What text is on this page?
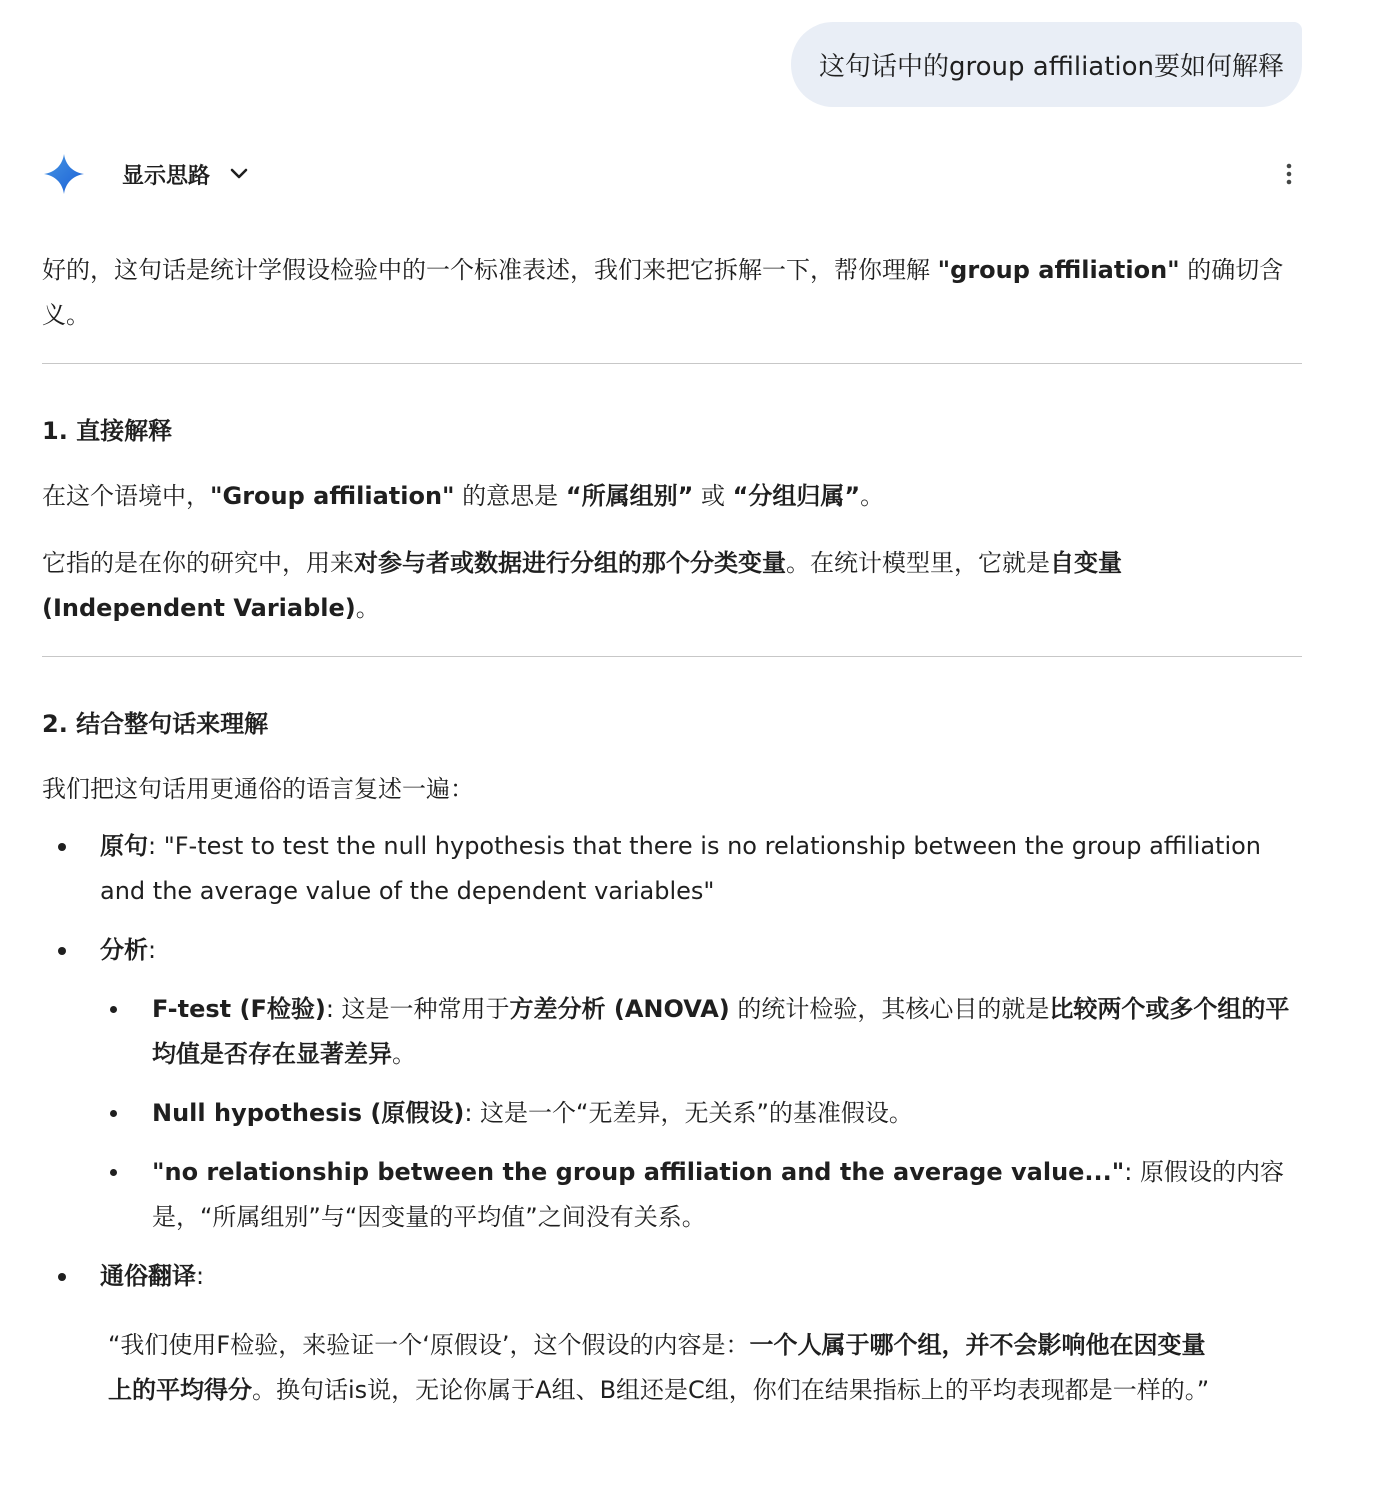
这句话中的group affiliation要如何解释
显示思路

好的，这句话是统计学假设检验中的一个标准表述，我们来把它拆解一下，帮你理解 "group affiliation" 的确切含义。

1. 直接解释

在这个语境中，"Group affiliation" 的意思是 “所属组别” 或 “分组归属”。

它指的是在你的研究中，用来对参与者或数据进行分组的那个分类变量。在统计模型里，它就是自变量 (Independent Variable)。

2. 结合整句话来理解

我们把这句话用更通俗的语言复述一遍：

原句: "F-test to test the null hypothesis that there is no relationship between the group affiliation and the average value of the dependent variables"
分析:
F-test (F检验): 这是一种常用于方差分析 (ANOVA) 的统计检验，其核心目的就是比较两个或多个组的平均值是否存在显著差异。
Null hypothesis (原假设): 这是一个“无差异，无关系”的基准假设。
"no relationship between the group affiliation and the average value...": 原假设的内容是，“所属组别”与“因变量的平均值”之间没有关系。
通俗翻译:

“我们使用F检验，来验证一个‘原假设’，这个假设的内容是：一个人属于哪个组，并不会影响他在因变量上的平均得分。换句话is说，无论你属于A组、B组还是C组，你们在结果指标上的平均表现都是一样的。”
